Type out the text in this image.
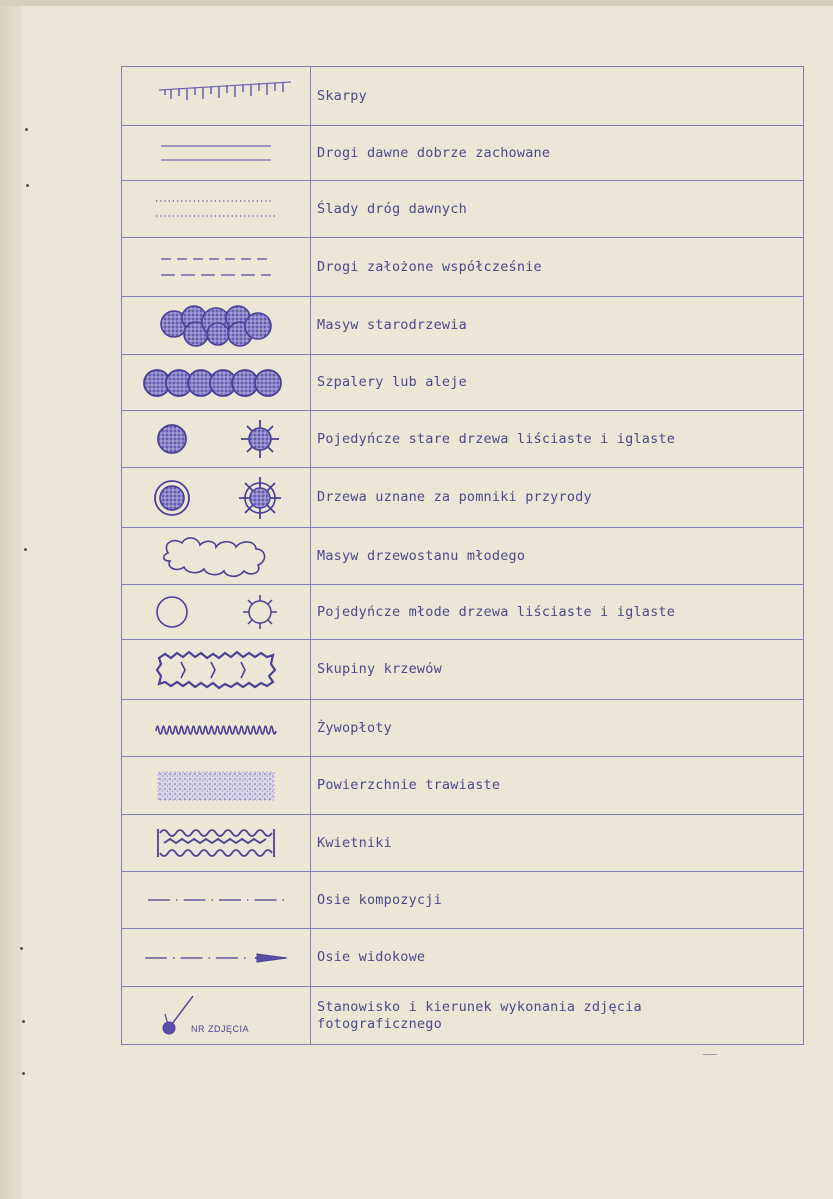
	Skarpy

	Drogi dawne dobrze zachowane

	Ślady dróg dawnych

	Drogi założone współcześnie

	Masyw starodrzewia

	Szpalery lub aleje

	Pojedyńcze stare drzewa liściaste i iglaste

	Drzewa uznane za pomniki przyrody

	Masyw drzewostanu młodego

	Pojedyńcze młode drzewa liściaste i iglaste

	Skupiny krzewów

	Żywopłoty

	Powierzchnie trawiaste

	Kwietniki

	Osie kompozycji

	Osie widokowe

NR ZDJĘCIA	Stanowisko i kierunek wykonania zdjęcia fotograficznego
